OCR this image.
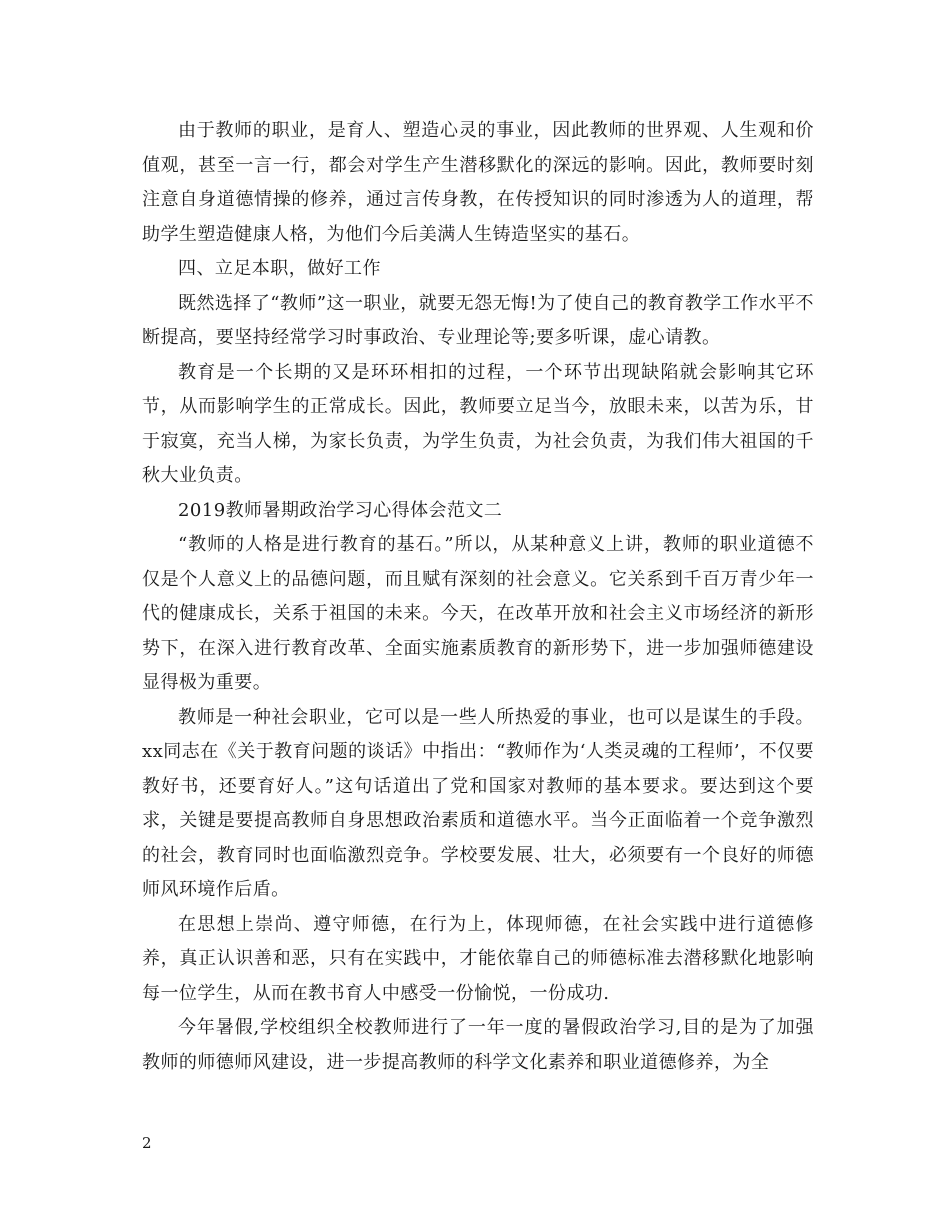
由于教师的职业，是育人、塑造心灵的事业，因此教师的世界观、人生观和价值观，甚至一言一行，都会对学生产生潜移默化的深远的影响。因此，教师要时刻注意自身道德情操的修养，通过言传身教，在传授知识的同时渗透为人的道理，帮助学生塑造健康人格，为他们今后美满人生铸造坚实的基石。

四、立足本职，做好工作

既然选择了“教师”这一职业，就要无怨无悔!为了使自己的教育教学工作水平不断提高，要坚持经常学习时事政治、专业理论等;要多听课，虚心请教。

教育是一个长期的又是环环相扣的过程，一个环节出现缺陷就会影响其它环节，从而影响学生的正常成长。因此，教师要立足当今，放眼未来，以苦为乐，甘于寂寞，充当人梯，为家长负责，为学生负责，为社会负责，为我们伟大祖国的千秋大业负责。

2019教师暑期政治学习心得体会范文二

“教师的人格是进行教育的基石。”所以，从某种意义上讲，教师的职业道德不仅是个人意义上的品德问题，而且赋有深刻的社会意义。它关系到千百万青少年一代的健康成长，关系于祖国的未来。今天，在改革开放和社会主义市场经济的新形势下，在深入进行教育改革、全面实施素质教育的新形势下，进一步加强师德建设显得极为重要。

教师是一种社会职业，它可以是一些人所热爱的事业，也可以是谋生的手段。xx同志在《关于教育问题的谈话》中指出：“教师作为‘人类灵魂的工程师’，不仅要教好书，还要育好人。”这句话道出了党和国家对教师的基本要求。要达到这个要求，关键是要提高教师自身思想政治素质和道德水平。当今正面临着一个竞争激烈的社会，教育同时也面临激烈竞争。学校要发展、壮大，必须要有一个良好的师德师风环境作后盾。

在思想上崇尚、遵守师德，在行为上，体现师德，在社会实践中进行道德修养，真正认识善和恶，只有在实践中，才能依靠自己的师德标准去潜移默化地影响每一位学生，从而在教书育人中感受一份愉悦，一份成功.

今年暑假,学校组织全校教师进行了一年一度的暑假政治学习,目的是为了加强教师的师德师风建设，进一步提高教师的科学文化素养和职业道德修养，为全

2
